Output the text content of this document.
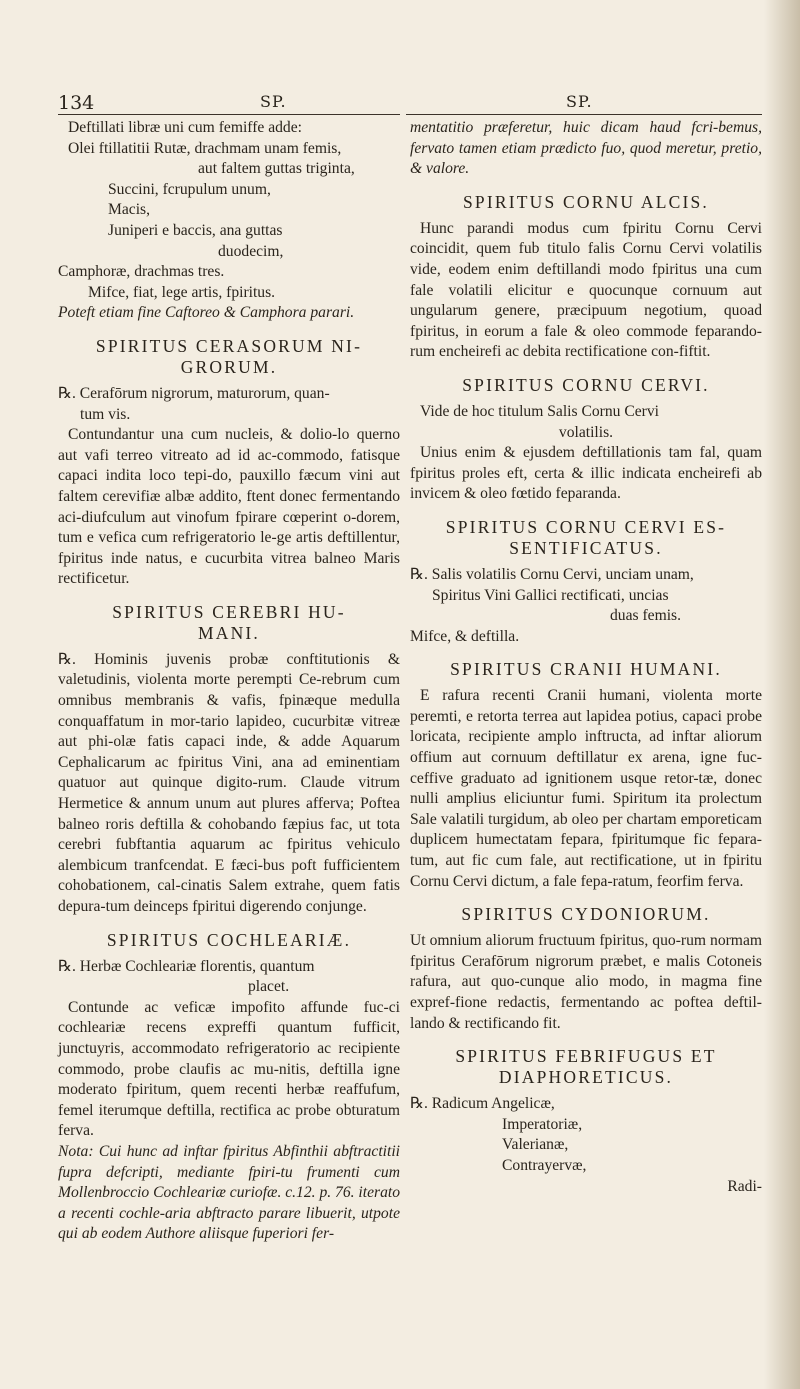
134	SP.	SP.

Deftillati libræ uni cum femiffe adde:

Olei ftillatitii Rutæ, drachmam unam femis,

aut faltem guttas triginta,

Succini, fcrupulum unum,

Macis,

Juniperi e baccis, ana guttas

duodecim,

Camphoræ, drachmas tres.

Mifce, fiat, lege artis, fpiritus.

Poteft etiam fine Caftoreo & Camphora parari.

SPIRITUS CERASORUM NI-
GRORUM.

℞. Cerafōrum nigrorum, maturorum, quan-

tum vis.

Contundantur una cum nucleis, & dolio-lo querno aut vafi terreo vitreato ad id ac-commodo, fatisque capaci indita loco tepi-do, pauxillo fæcum vini aut faltem cerevifiæ albæ addito, ftent donec fermentando aci-diufculum aut vinofum fpirare cœperint o-dorem, tum e vefica cum refrigeratorio le-ge artis deftillentur, fpiritus inde natus, e cucurbita vitrea balneo Maris rectificetur.

SPIRITUS CEREBRI HU-
MANI.

℞. Hominis juvenis probæ conftitutionis & valetudinis, violenta morte perempti Ce-rebrum cum omnibus membranis & vafis, fpinæque medulla conquaffatum in mor-tario lapideo, cucurbitæ vitreæ aut phi-olæ fatis capaci inde, & adde Aquarum Cephalicarum ac fpiritus Vini, ana ad eminentiam quatuor aut quinque digito-rum. Claude vitrum Hermetice & annum unum aut plures afferva; Poftea balneo roris deftilla & cohobando fæpius fac, ut tota cerebri fubftantia aquarum ac fpiritus vehiculo alembicum tranfcendat. E fæci-bus poft fufficientem cohobationem, cal-cinatis Salem extrahe, quem fatis depura-tum deinceps fpiritui digerendo conjunge.

SPIRITUS COCHLEARIÆ.

℞. Herbæ Cochleariæ florentis, quantum

placet.

Contunde ac veficæ impofito affunde fuc-ci cochleariæ recens expreffi quantum fufficit, junctuуris, accommodato refrigeratorio ac recipiente commodo, probe claufis ac mu-nitis, deftilla igne moderato fpiritum, quem recenti herbæ reaffufum, femel iterumque deftilla, rectifica ac probe obturatum ferva.

Nota: Cui hunc ad inftar fpiritus Abfinthii abftractitii fupra defcripti, mediante fpiri-tu frumenti cum Mollenbroccio Cochleariæ curiofæ. c.12. p. 76. iterato a recenti cochle-aria abftracto parare libuerit, utpote qui ab eodem Authore aliisque fuperiori fer-

mentatitio præferetur, huic dicam haud fcri-bemus, fervato tamen etiam prædicto fuo, quod meretur, pretio, & valore.

SPIRITUS CORNU ALCIS.

Hunc parandi modus cum fpiritu Cornu Cervi coincidit, quem fub titulo falis Cornu Cervi volatilis vide, eodem enim deftillandi modo fpiritus una cum fale volatili elicitur e quocunque cornuum aut ungularum genere, præcipuum negotium, quoad fpiritus, in eorum a fale & oleo commode feparando-rum encheirefi ac debita rectificatione con-fiftit.

SPIRITUS CORNU CERVI.

Vide de hoc titulum Salis Cornu Cervi

volatilis.

Unius enim & ejusdem deftillationis tam fal, quam fpiritus proles eft, certa & illic indicata encheirefi ab invicem & oleo fœtido feparanda.

SPIRITUS CORNU CERVI ES-
SENTIFICATUS.

℞. Salis volatilis Cornu Cervi, unciam unam,

Spiritus Vini Gallici rectificati, uncias

duas femis.

Mifce, & deftilla.

SPIRITUS CRANII HUMANI.

E rafura recenti Cranii humani, violenta morte peremti, e retorta terrea aut lapidea potius, capaci probe loricata, recipiente amplo inftructa, ad inftar aliorum offium aut cornuum deftillatur ex arena, igne fuc-ceffive graduato ad ignitionem usque retor-tæ, donec nulli amplius eliciuntur fumi. Spiritum ita prolectum Sale valatili turgidum, ab oleo per chartam emporeticam duplicem humectatam fepara, fpiritumque fic fepara-tum, aut fic cum fale, aut rectificatione, ut in fpiritu Cornu Cervi dictum, a fale fepa-ratum, feorfim ferva.

SPIRITUS CYDONIORUM.

Ut omnium aliorum fructuum fpiritus, quo-rum normam fpiritus Cerafōrum nigrorum præbet, e malis Cotoneis rafura, aut quo-cunque alio modo, in magma fine expref-fione redactis, fermentando ac poftea deftil-lando & rectificando fit.

SPIRITUS FEBRIFUGUS ET
DIAPHORETICUS.

℞. Radicum Angelicæ,

Imperatoriæ,

Valerianæ,

Contrayervæ,

Radi-
